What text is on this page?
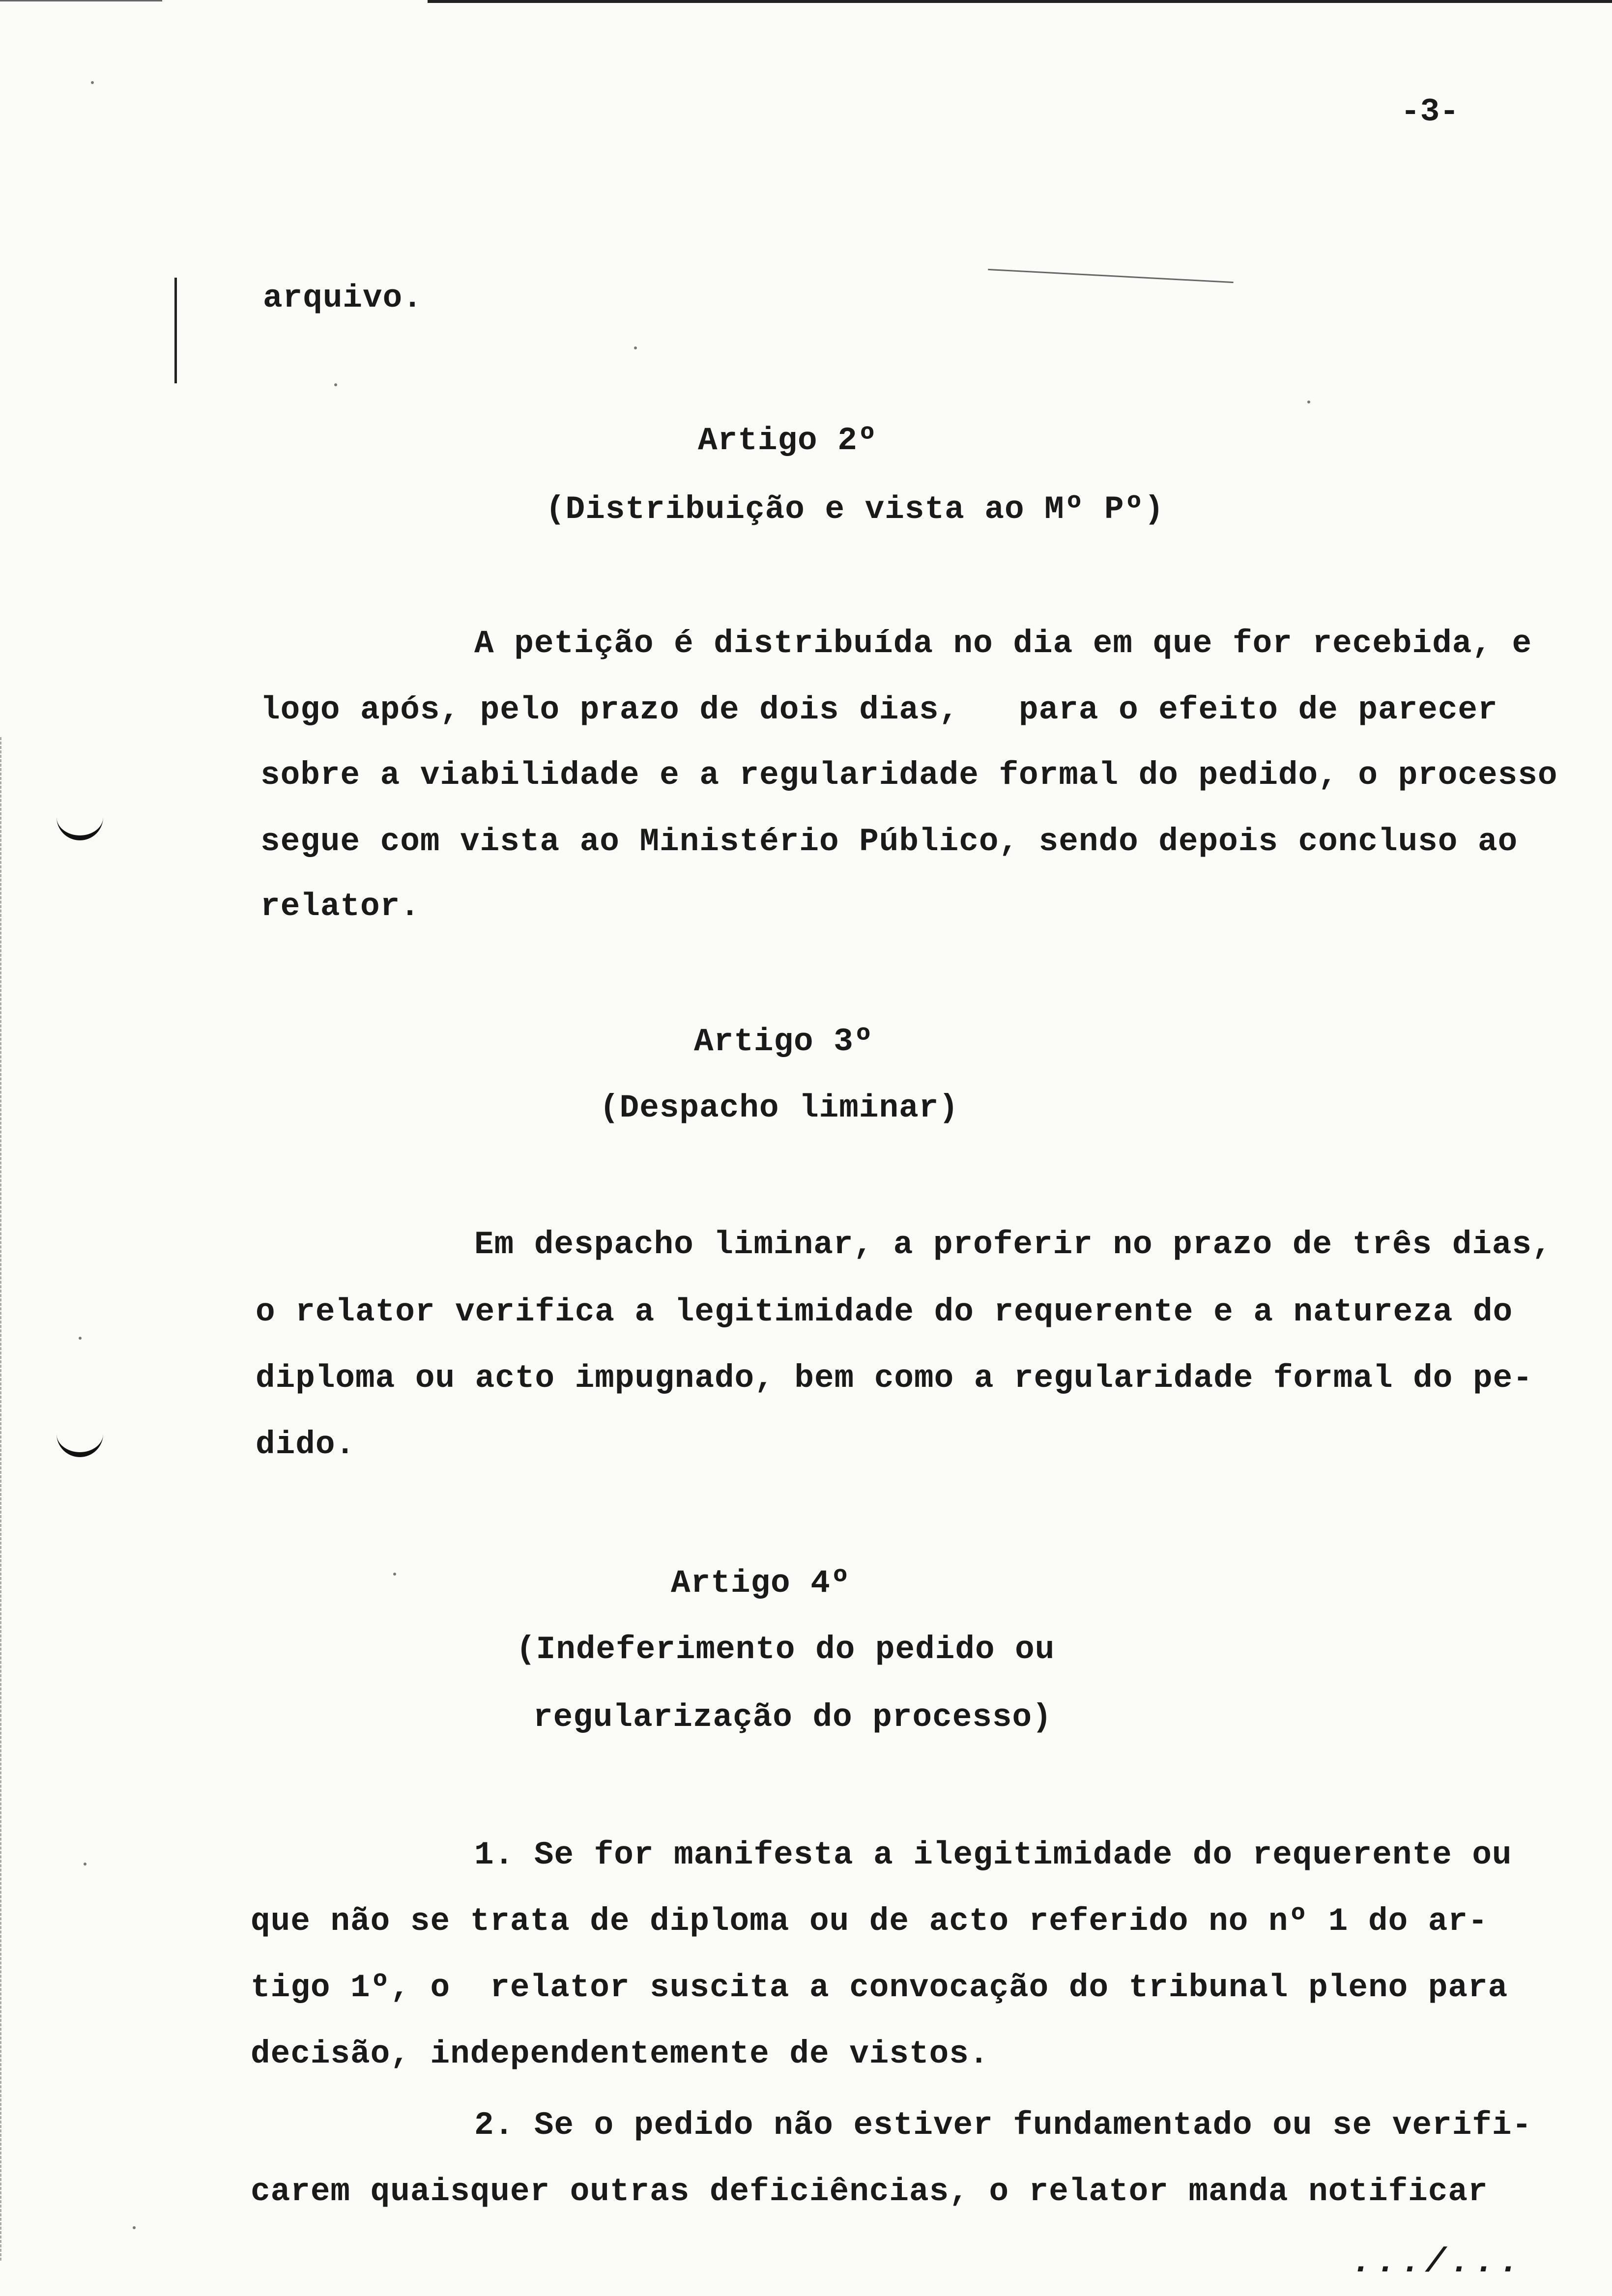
-3-
arquivo.
Artigo 2º
(Distribuição e vista ao Mº Pº)
A petição é distribuída no dia em que for recebida, e
logo após, pelo prazo de dois dias,   para o efeito de parecer
sobre a viabilidade e a regularidade formal do pedido, o processo
segue com vista ao Ministério Público, sendo depois concluso ao
relator.
Artigo 3º
(Despacho liminar)
Em despacho liminar, a proferir no prazo de três dias,
o relator verifica a legitimidade do requerente e a natureza do
diploma ou acto impugnado, bem como a regularidade formal do pe-
dido.
Artigo 4º
(Indeferimento do pedido ou
regularização do processo)
1. Se for manifesta a ilegitimidade do requerente ou
que não se trata de diploma ou de acto referido no nº 1 do ar-
tigo 1º, o  relator suscita a convocação do tribunal pleno para
decisão, independentemente de vistos.
2. Se o pedido não estiver fundamentado ou se verifi-
carem quaisquer outras deficiências, o relator manda notificar
.../...
